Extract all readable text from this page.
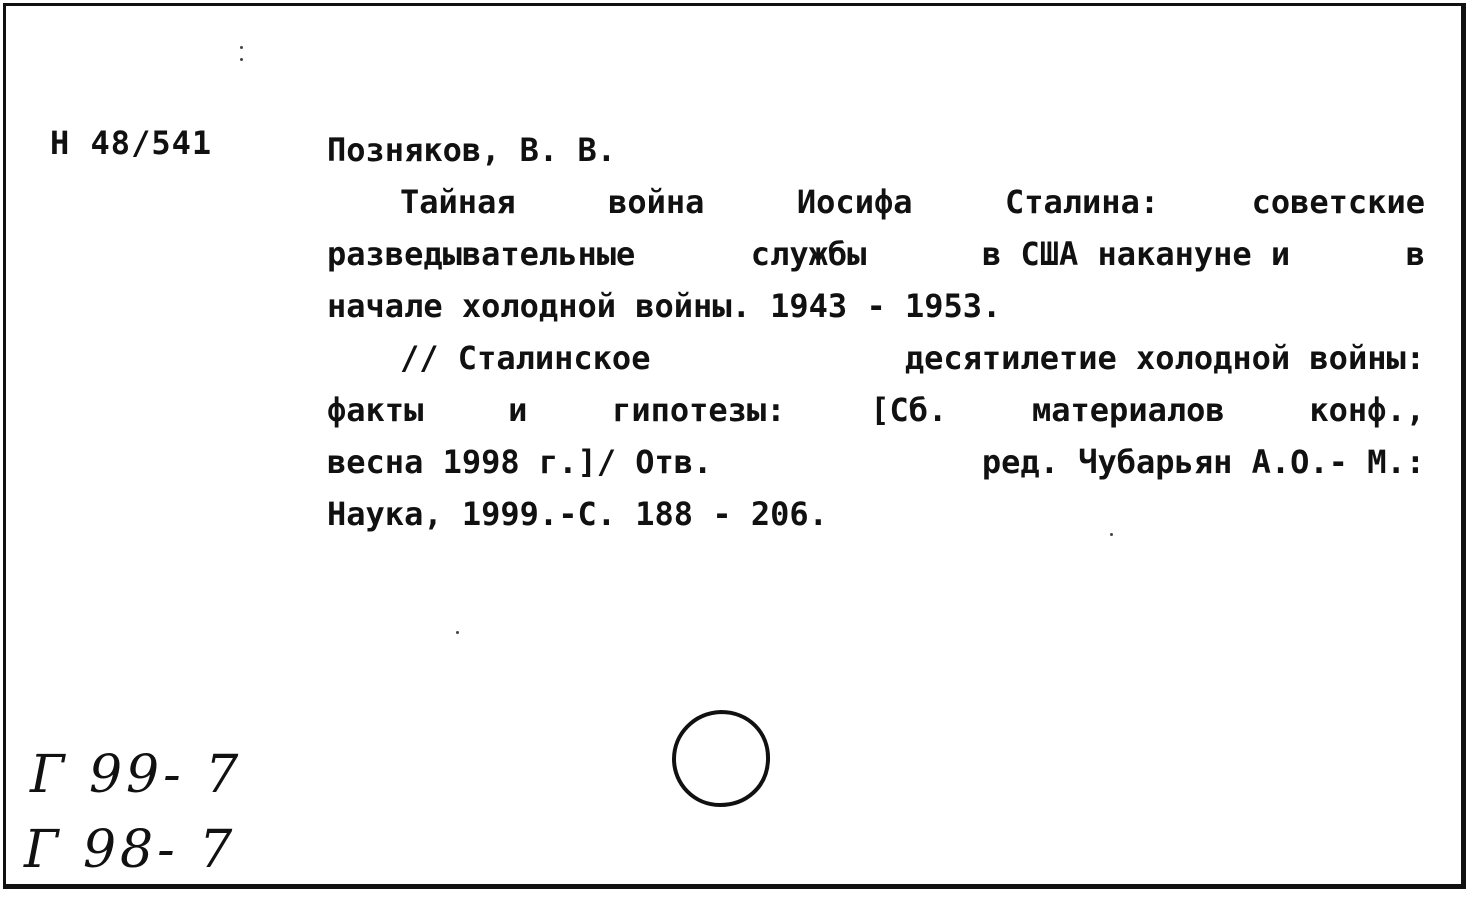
Н 48/541	Позняков, В. В.
Тайная	война	Иосифа	Сталина:	советские
разведывательные	службы	в США накануне и	в
начале холодной войны. 1943 - 1953.
// Сталинское	десятилетие холодной войны:
факты	и	гипотезы:	[Сб.	материалов	конф.,
весна 1998 г.]/ Отв.	ред. Чубарьян А.О.- М.:
Наука, 1999.-С. 188 - 206.
Г 99- 7
Г 98- 7
